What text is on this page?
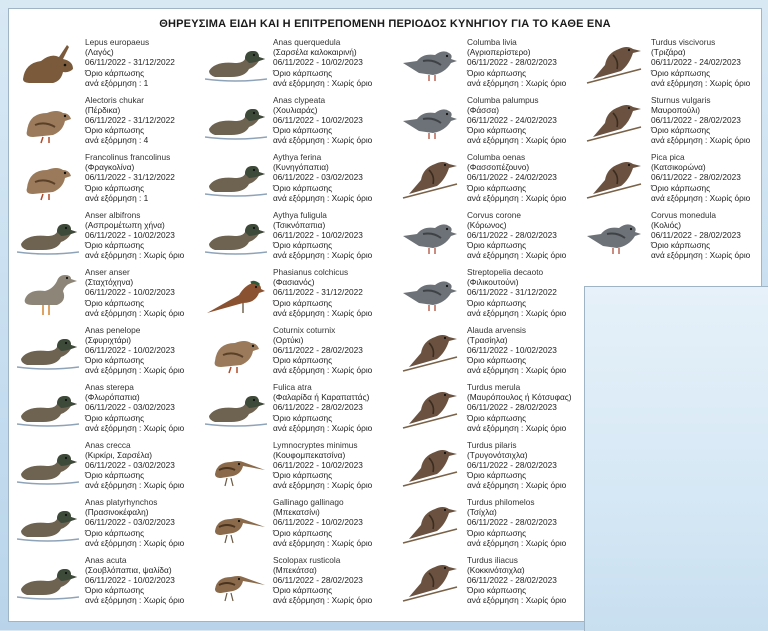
ΘΗΡΕΥΣΙΜΑ ΕΙΔΗ ΚΑΙ Η ΕΠΙΤΡΕΠΟΜΕΝΗ ΠΕΡΙΟΔΟΣ ΚΥΝΗΓΙΟΥ ΓΙΑ ΤΟ ΚΑΘΕ ΕΝΑ
Lepus europaeus
(Λαγός)
06/11/2022 - 31/12/2022
Όριο κάρπωσης
ανά εξόρμηση : 1
Alectoris chukar
(Πέρδικα)
06/11/2022 - 31/12/2022
Όριο κάρπωσης
ανά εξόρμηση : 4
Francolinus francolinus
(Φραγκολίνα)
06/11/2022 - 31/12/2022
Όριο κάρπωσης
ανά εξόρμηση : 1
Anser albifrons
(Ασπρομέτωπη χήνα)
06/11/2022 - 10/02/2023
Όριο κάρπωσης
ανά εξόρμηση : Χωρίς όριο
Anser anser
(Σταχτόχηνα)
06/11/2022 - 10/02/2023
Όριο κάρπωσης
ανά εξόρμηση : Χωρίς όριο
Anas penelope
(Σφυριχτάρι)
06/11/2022 - 10/02/2023
Όριο κάρπωσης
ανά εξόρμηση : Χωρίς όριο
Anas sterepa
(Φλωρόπαπια)
06/11/2022 - 03/02/2023
Όριο κάρπωσης
ανά εξόρμηση : Χωρίς όριο
Anas crecca
(Κιρκίρι, Σαρσέλα)
06/11/2022 - 03/02/2023
Όριο κάρπωσης
ανά εξόρμηση : Χωρίς όριο
Anas platyrhynchos
(Πρασινοκέφαλη)
06/11/2022 - 03/02/2023
Όριο κάρπωσης
ανά εξόρμηση : Χωρίς όριο
Anas acuta
(Σουβλόπαπια, ψαλίδα)
06/11/2022 - 10/02/2023
Όριο κάρπωσης
ανά εξόρμηση : Χωρίς όριο
Anas querquedula
(Σαρσέλα καλοκαιρινή)
06/11/2022 - 10/02/2023
Όριο κάρπωσης
ανά εξόρμηση : Χωρίς όριο
Anas clypeata
(Χουλιαράς)
06/11/2022 - 10/02/2023
Όριο κάρπωσης
ανά εξόρμηση : Χωρίς όριο
Aythya ferina
(Κυνηγόπαπια)
06/11/2022 - 03/02/2023
Όριο κάρπωσης
ανά εξόρμηση : Χωρίς όριο
Aythya fuligula
(Τσικνόπαπια)
06/11/2022 - 10/02/2023
Όριο κάρπωσης
ανά εξόρμηση : Χωρίς όριο
Phasianus colchicus
(Φασιανός)
06/11/2022 - 31/12/2022
Όριο κάρπωσης
ανά εξόρμηση : Χωρίς όριο
Coturnix coturnix
(Ορτύκι)
06/11/2022 - 28/02/2023
Όριο κάρπωσης
ανά εξόρμηση : Χωρίς όριο
Fulica atra
(Φαλαρίδα ή Καραπαττάς)
06/11/2022 - 28/02/2023
Όριο κάρπωσης
ανά εξόρμηση : Χωρίς όριο
Lymnocryptes minimus
(Κουφομπεκατσίνα)
06/11/2022 - 10/02/2023
Όριο κάρπωσης
ανά εξόρμηση : Χωρίς όριο
Gallinago gallinago
(Μπεκατσίνι)
06/11/2022 - 10/02/2023
Όριο κάρπωσης
ανά εξόρμηση : Χωρίς όριο
Scolopax rusticola
(Μπεκάτσα)
06/11/2022 - 28/02/2023
Όριο κάρπωσης
ανά εξόρμηση : Χωρίς όριο
Columba livia
(Αγριοπερίστερο)
06/11/2022 - 28/02/2023
Όριο κάρπωσης
ανά εξόρμηση : Χωρίς όριο
Columba palumpus
(Φάσσα)
06/11/2022 - 24/02/2023
Όριο κάρπωσης
ανά εξόρμηση : Χωρίς όριο
Columba oenas
(Φασσοπέζουνο)
06/11/2022 - 24/02/2023
Όριο κάρπωσης
ανά εξόρμηση : Χωρίς όριο
Corvus corone
(Κόρωνος)
06/11/2022 - 28/02/2023
Όριο κάρπωσης
ανά εξόρμηση : Χωρίς όριο
Streptopelia decaoto
(Φιλικουτούνι)
06/11/2022 - 31/12/2022
Όριο κάρπωσης
ανά εξόρμηση : Χωρίς όριο
Alauda arvensis
(Τρασίηλα)
06/11/2022 - 10/02/2023
Όριο κάρπωσης
ανά εξόρμηση : Χωρίς όριο
Turdus merula
(Μαυρόπουλος ή Κότσυφας)
06/11/2022 - 28/02/2023
Όριο κάρπωσης
ανά εξόρμηση : Χωρίς όριο
Turdus pilaris
(Τρυγονότσιχλα)
06/11/2022 - 28/02/2023
Όριο κάρπωσης
ανά εξόρμηση : Χωρίς όριο
Turdus philomelos
(Τσίχλα)
06/11/2022 - 28/02/2023
Όριο κάρπωσης
ανά εξόρμηση : Χωρίς όριο
Turdus iliacus
(Κοκκινότσιχλα)
06/11/2022 - 28/02/2023
Όριο κάρπωσης
ανά εξόρμηση : Χωρίς όριο
Turdus viscivorus
(Τριζάρα)
06/11/2022 - 24/02/2023
Όριο κάρπωσης
ανά εξόρμηση : Χωρίς όριο
Sturnus vulgaris
Μαυροπούλι)
06/11/2022 - 28/02/2023
Όριο κάρπωσης
ανά εξόρμηση : Χωρίς όριο
Pica pica
(Κατσικορώνα)
06/11/2022 - 28/02/2023
Όριο κάρπωσης
ανά εξόρμηση : Χωρίς όριο
Corvus monedula
(Κολιός)
06/11/2022 - 28/02/2023
Όριο κάρπωσης
ανά εξόρμηση : Χωρίς όριο
